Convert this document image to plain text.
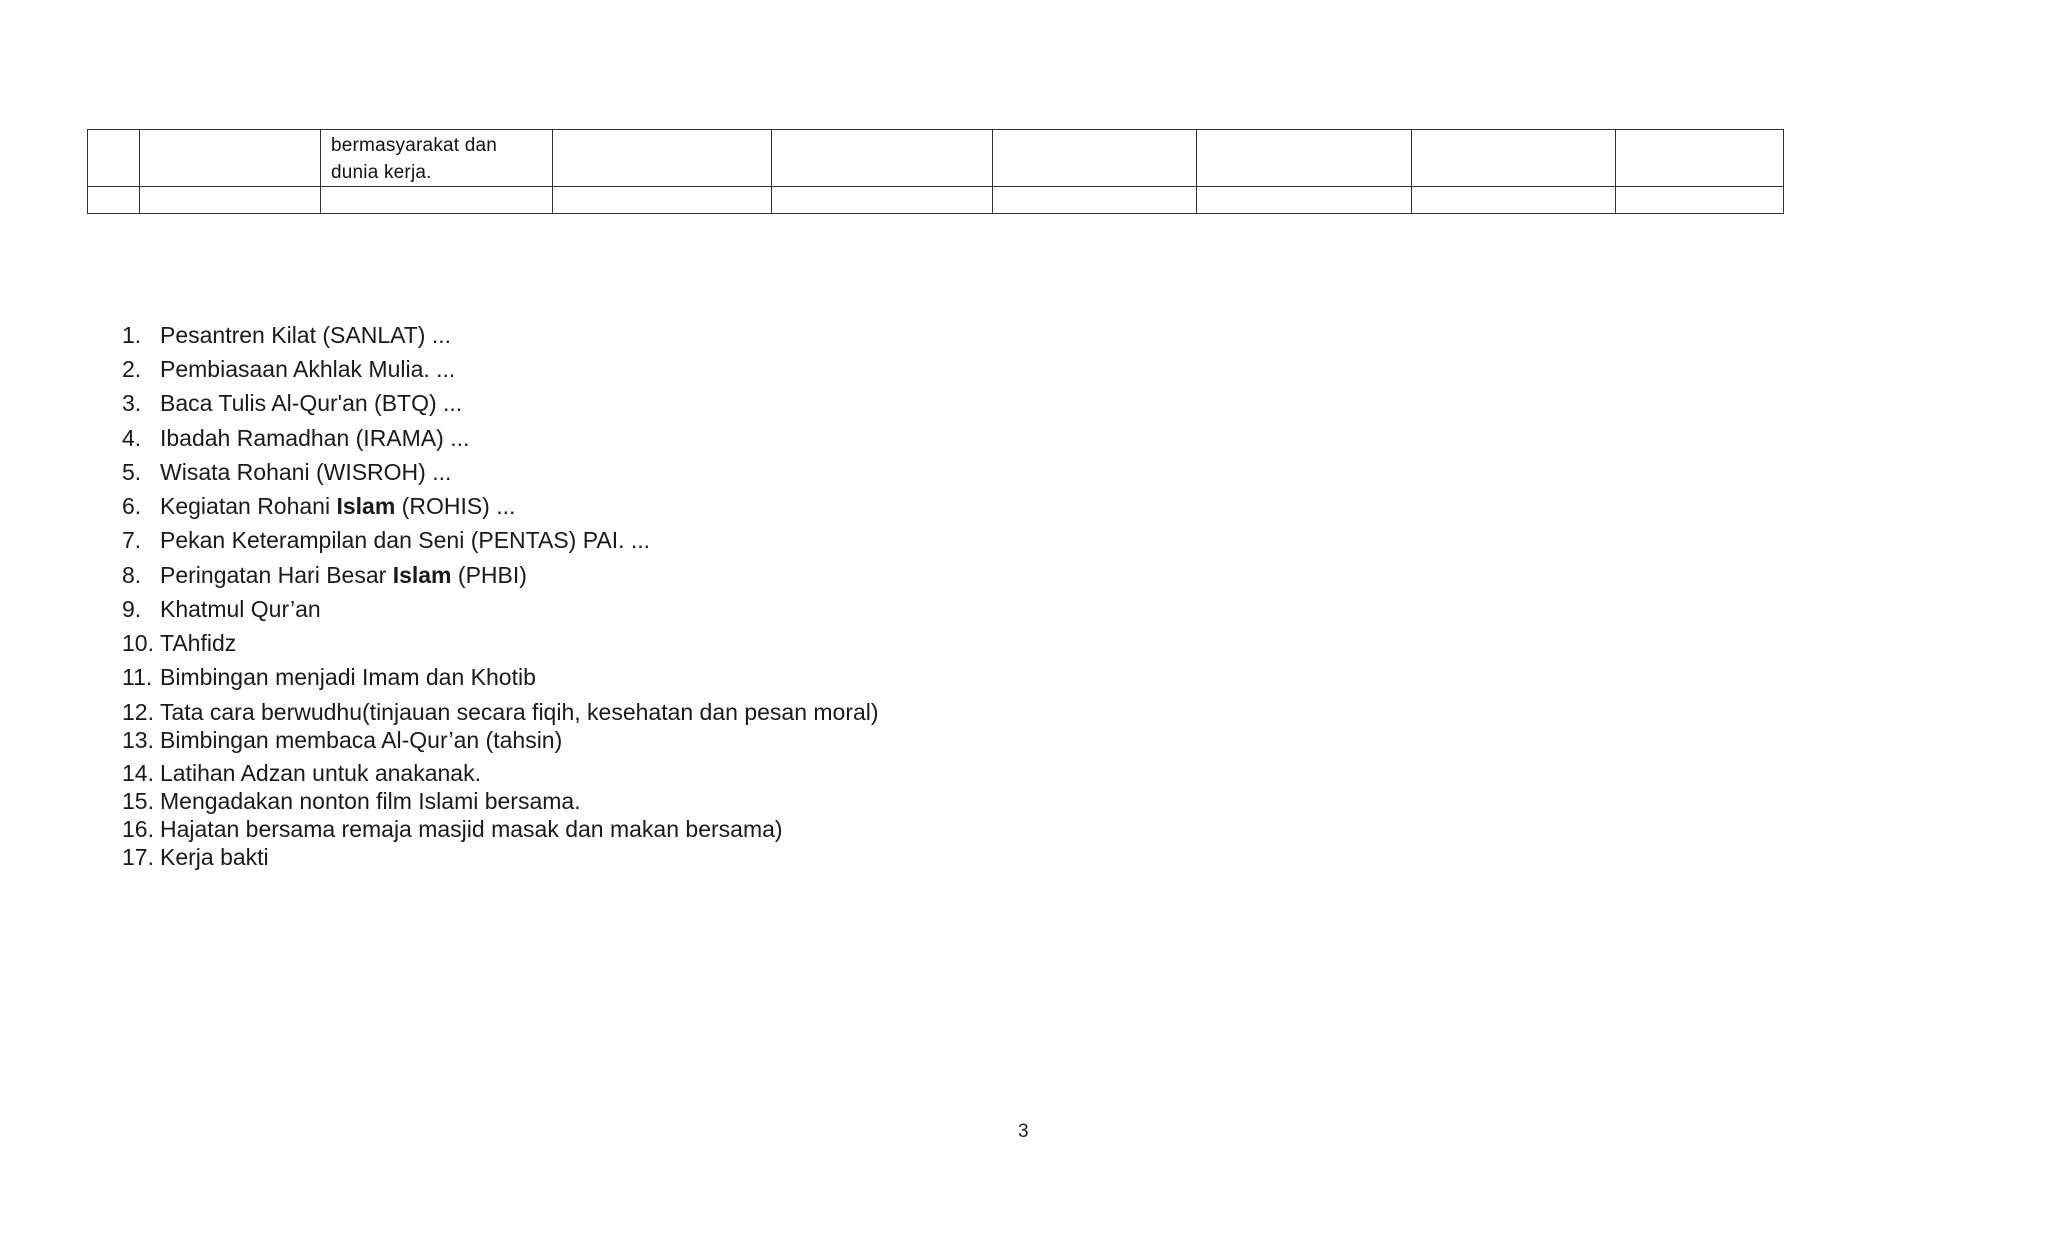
		bermasyarakat dan
dunia kerja.						

1. Pesantren Kilat (SANLAT) ...
2. Pembiasaan Akhlak Mulia. ...
3. Baca Tulis Al-Qur'an (BTQ) ...
4. Ibadah Ramadhan (IRAMA) ...
5. Wisata Rohani (WISROH) ...
6. Kegiatan Rohani Islam (ROHIS) ...
7. Pekan Keterampilan dan Seni (PENTAS) PAI. ...
8. Peringatan Hari Besar Islam (PHBI)
9. Khatmul Qur’an
10. TAhfidz
11. Bimbingan menjadi Imam dan Khotib
12. Tata cara berwudhu(tinjauan secara fiqih, kesehatan dan pesan moral)
13. Bimbingan membaca Al-Qur’an (tahsin)
14. Latihan Adzan untuk anakanak.
15. Mengadakan nonton film Islami bersama.
16. Hajatan bersama remaja masjid masak dan makan bersama)
17. Kerja bakti
3
